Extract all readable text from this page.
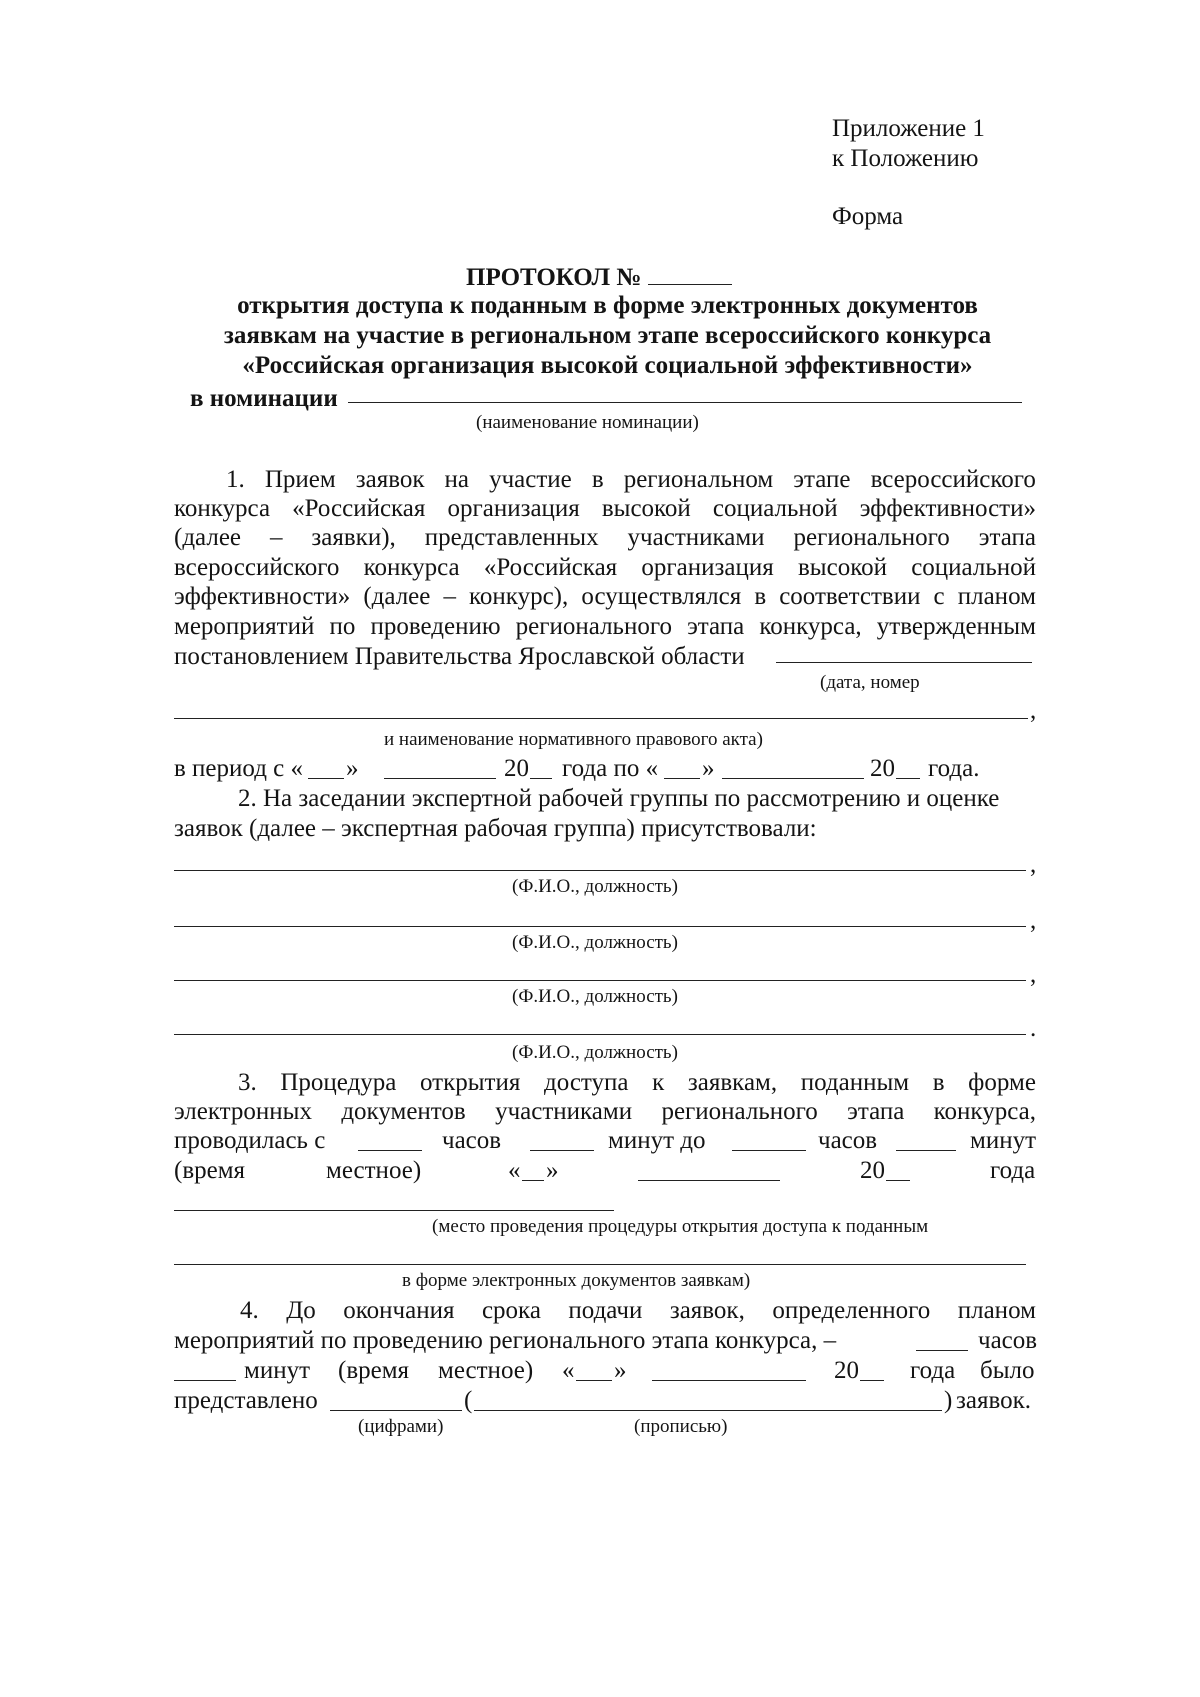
Приложение 1
к Положению
Форма
ПРОТОКОЛ №
открытия доступа к поданным в форме электронных документов
заявкам на участие в региональном этапе всероссийского конкурса
«Российская организация высокой социальной эффективности»
в номинации
(наименование номинации)
1. Прием заявок на участие в региональном этапе всероссийского
конкурса «Российская организация высокой социальной эффективности»
(далее – заявки), представленных участниками регионального этапа
всероссийского конкурса «Российская организация высокой социальной
эффективности» (далее – конкурс), осуществлялся в соответствии с планом
мероприятий по проведению регионального этапа конкурса, утвержденным
постановлением Правительства Ярославской области
(дата, номер
,
и наименование нормативного правового акта)
в период с « »	20 года по « »	20 года.
2. На заседании экспертной рабочей группы по рассмотрению и оценке
заявок (далее – экспертная рабочая группа) присутствовали:
,
(Ф.И.О., должность)
,
(Ф.И.О., должность)
,
(Ф.И.О., должность)
.
(Ф.И.О., должность)
3. Процедура открытия доступа к заявкам, поданным в форме
электронных документов участниками регионального этапа конкурса,
проводилась с	часов	минут до	часов	минут
(время	местное)	« »	20	года
(место проведения процедуры открытия доступа к поданным
в форме электронных документов заявкам)
4. До окончания срока подачи заявок, определенного планом
мероприятий по проведению регионального этапа конкурса, –	часов
минут (время местное) « »	20 года было
представлено	(	) заявок.
(цифрами)	(прописью)
